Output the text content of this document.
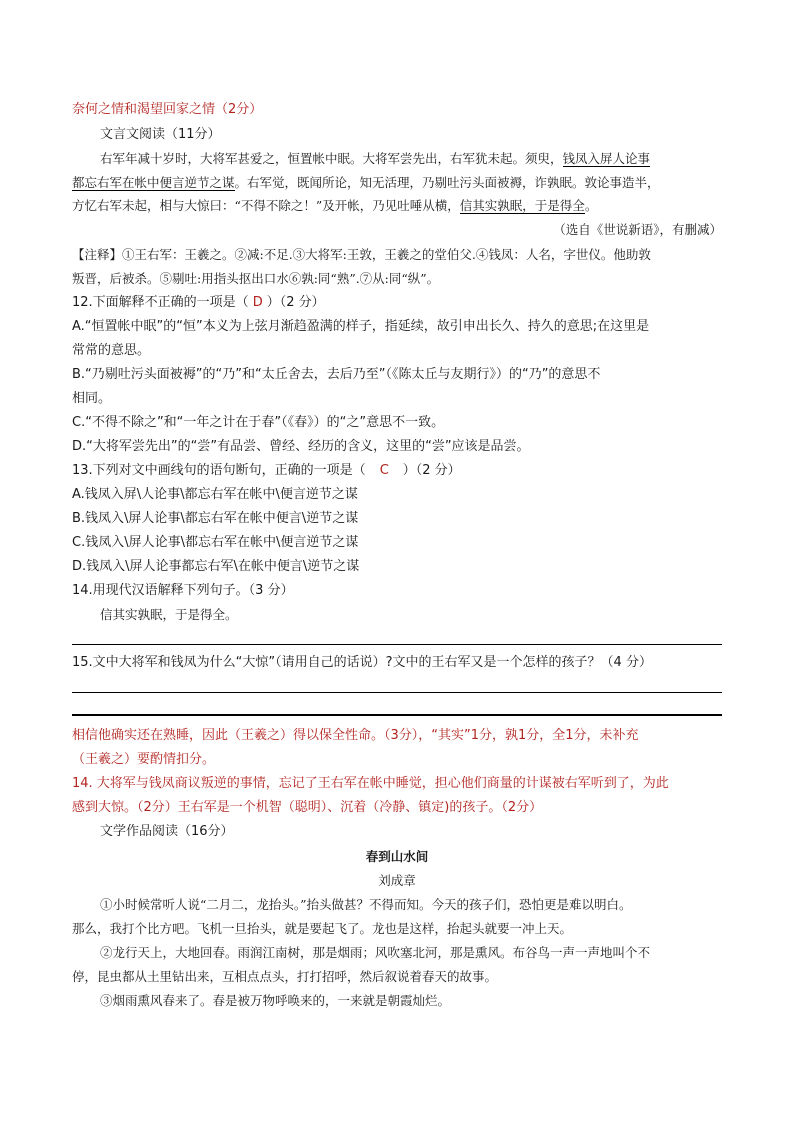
奈何之情和渴望回家之情（2分）
文言文阅读（11分）
右军年减十岁时，大将军甚爱之，恒置帐中眠。大将军尝先出，右军犹未起。须臾，钱凤入屏人论事
都忘右军在帐中便言逆节之谋。右军觉，既闻所论，知无活理，乃剔吐污头面被褥，诈孰眠。敦论事造半，
方忆右军未起，相与大惊曰：“不得不除之！”及开帐，乃见吐唾从横，信其实孰眠，于是得全。
（选自《世说新语》，有删减）
【注释】①王右军：王羲之。②减:不足.③大将军:王敦，王羲之的堂伯父.④钱凤：人名，字世仪。他助敦
叛晋，后被杀。⑤剔吐:用指头抠出口水⑥孰:同“熟”.⑦从:同“纵”。
12.下面解释不正确的一项是（ D ）（2 分）
A.“恒置帐中眠”的“恒”本义为上弦月渐趋盈满的样子，指延续，故引申出长久、持久的意思;在这里是
常常的意思。
B.“乃剔吐污头面被褥”的“乃”和“太丘舍去，去后乃至”（《陈太丘与友期行》）的“乃”的意思不
相同。
C.“不得不除之”和“一年之计在于春”（《春》）的“之”意思不一致。
D.“大将军尝先出”的“尝”有品尝、曾经、经历的含义，这里的“尝”应该是品尝。
13.下列对文中画线句的语句断句，正确的一项是（ C ）（2 分）
A.钱凤入屏\人论事\都忘右军在帐中\便言逆节之谋
B.钱凤入\屏人论事\都忘右军在帐中便言\逆节之谋
C.钱凤入\屏人论事\都忘右军在帐中\便言逆节之谋
D.钱凤入\屏人论事都忘右军\在帐中便言\逆节之谋
14.用现代汉语解释下列句子。（3 分）
信其实孰眠，于是得全。
15.文中大将军和钱凤为什么“大惊”（请用自己的话说）?文中的王右军又是一个怎样的孩子？（4 分）
相信他确实还在熟睡，因此（王羲之）得以保全性命。（3分），“其实”1分，孰1分，全1分，未补充
（王羲之）要酌情扣分。
14. 大将军与钱凤商议叛逆的事情，忘记了王右军在帐中睡觉，担心他们商量的计谋被右军听到了，为此
感到大惊。（2分）王右军是一个机智（聪明）、沉着（冷静、镇定)的孩子。（2分）
文学作品阅读（16分）
春到山水间
刘成章
①小时候常听人说“二月二，龙抬头。”抬头做甚？不得而知。今天的孩子们，恐怕更是难以明白。
那么，我打个比方吧。飞机一旦抬头，就是要起飞了。龙也是这样，抬起头就要一冲上天。
②龙行天上，大地回春。雨润江南树，那是烟雨；风吹塞北河，那是熏风。布谷鸟一声一声地叫个不
停，昆虫都从土里钻出来，互相点点头，打打招呼，然后叙说着春天的故事。
③烟雨熏风春来了。春是被万物呼唤来的，一来就是朝霞灿烂。
